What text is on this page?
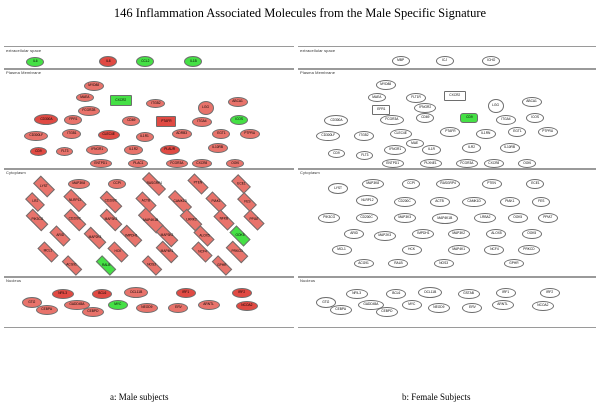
146 Inflammation Associated Molecules from the Male Specific Signature
extracellular space
IL6	IL8	CCL2	IL1B
Plasma Membrane
MYD88
MAEA
CXCR2
FCGR2B
ITGB2
LGG
ABCA1
CD300A	FPR1	CD69	PTAFR	ITGA4
ICOS
CD300LF
ITGB1	CLEC4E
IL1R1
ADRB3	EGT1	PTPRU
CD9	FLT3	IFNGR1	IL1R2	PLAUR
IL10RB
ENTPD1	PLAC1	FCGR3A	CXCR8	OOKI
Cytoplasm
LYST
MAP3K8	CCPI	RASGRP4	PTEN	ECE1
LR2	NLRP12	CD200C	ACTB	CAMK1D	PIAK1	FES
PIK3CG	CD200C	MAP3K3	MAP4K1B	LRRK2	NFKB	PPIAT
ARID
MAP2K3
IMPDH1	MAP3K2	ALOX5	OOK5
MCL1	HCK	MAP4K1	NCF4	PRKCD
ACG91	RALB	NOS3	GPHR
Nucleus
GTI2
NFIL3	BCL6	DCL11B	IRF1	IRF2
CEBPA
GADD45A	MYC
CEBPD
NEOD9	ERV
ARNTL	NCOA2
extracellular space
MBP	ICJ	ICHO
Plasma Membrane
MYD88
MAEA	FLT1R
CXCR2
EFR1
IFNGR2
LGG
ABCA1
CD300A
CD69
FCGR3A
CD9
ITGA4
ICOS
CD300LF	ITGB2
CLEC4E
PTAFR
IL1RN
MAE
EGT1	PTPRU
CD9
FLT3
IFNGR1	IL1R
ILR2	IL10RB
ENTPD1	PLXNE1	FCGR3A	CXCR8	OOKI
Cytoplasm
LYST
MAP3K8	CCPI	RASGRP4	PTEN	ECE1
NLRP12	CD200C	ACTB	CAMK1D	PIAK1	FES
PIK3CG	CD200C	MAP3K3	MAP4K1B	LRBA2	OOK5	PPIAT
ARID
MAP2K3
IMPDH1	MAP3K2	ALOX5	OOK5
MCL1	HCK	MAP4K1	NCF4	PRKCD
ACG91	RALB	NOS3	GPHR
Nucleus
GTI2
NFIL3	BCL6	DCL11B	GSTAB	IRF1	IRF2
CEBPA
GADD45A	MYC
CEBPD
NEOD9	ERV
ARNTL	NCOA2
a: Male subjects	b: Female Subjects
